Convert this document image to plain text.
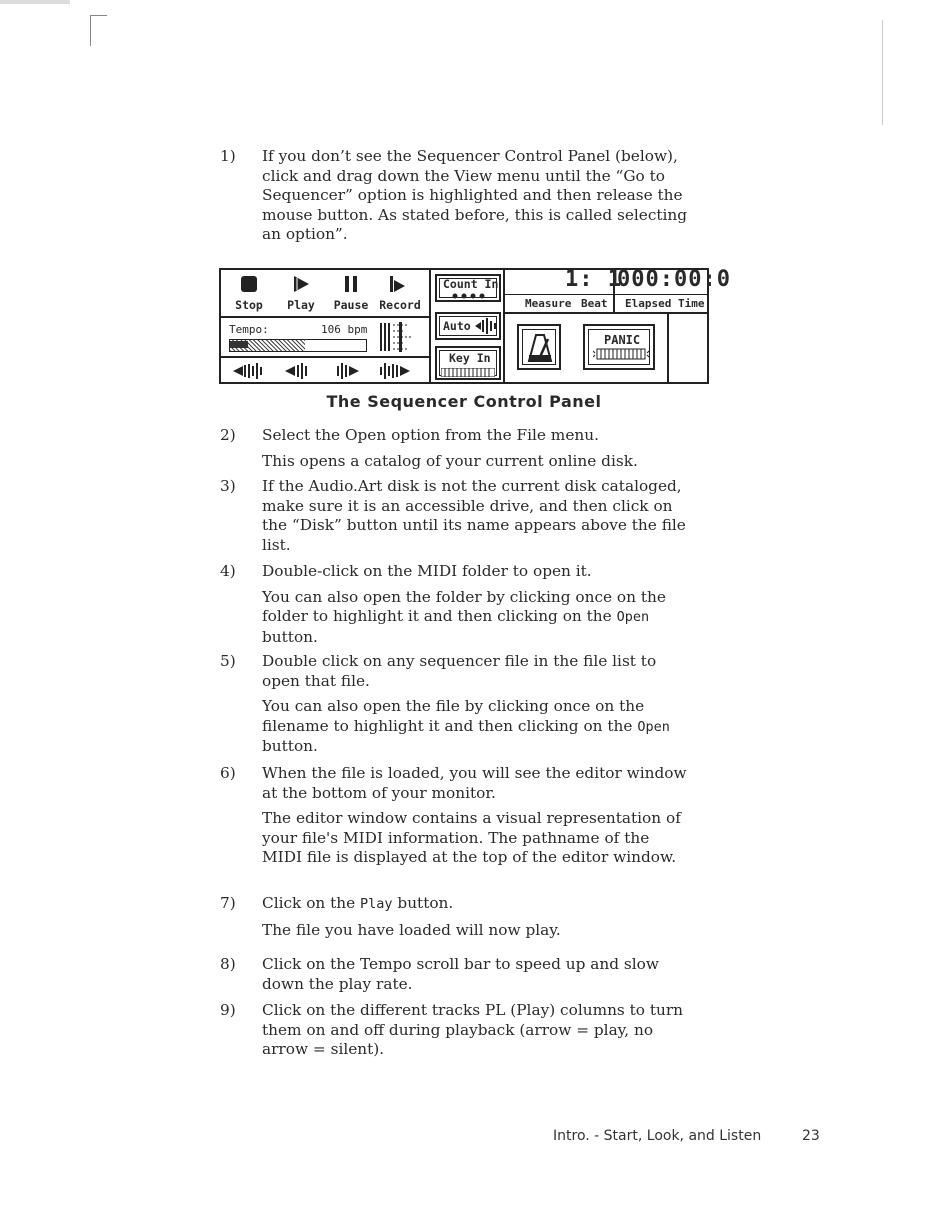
1)	If you don’t see the Sequencer Control Panel (below), click and drag down the View menu until the “Go to Sequencer” option is highlighted and then release the mouse button. As stated before, this is called selecting an option”.
Stop	Play	Pause Record
Tempo:	106 bpm
Count In
Auto
Key In
1: 1
000:00:0
Measure Beat Elapsed Time
PANIC
The Sequencer Control Panel
2)	Select the Open option from the File menu.
This opens a catalog of your current online disk.
3)	If the Audio.Art disk is not the current disk cataloged, make sure it is an accessible drive, and then click on the “Disk” button until its name appears above the file list.
4)	Double-click on the MIDI folder to open it.
You can also open the folder by clicking once on the folder to highlight it and then clicking on the Open button.
5)	Double click on any sequencer file in the file list to open that file.
You can also open the file by clicking once on the filename to highlight it and then clicking on the Open button.
6)	When the file is loaded, you will see the editor window at the bottom of your monitor.
The editor window contains a visual representation of your file's MIDI information. The pathname of the MIDI file is displayed at the top of the editor window.
7)	Click on the Play button.
The file you have loaded will now play.
8)	Click on the Tempo scroll bar to speed up and slow down the play rate.
9)	Click on the different tracks PL (Play) columns to turn them on and off during playback (arrow = play, no arrow = silent).
Intro. - Start, Look, and Listen	23
